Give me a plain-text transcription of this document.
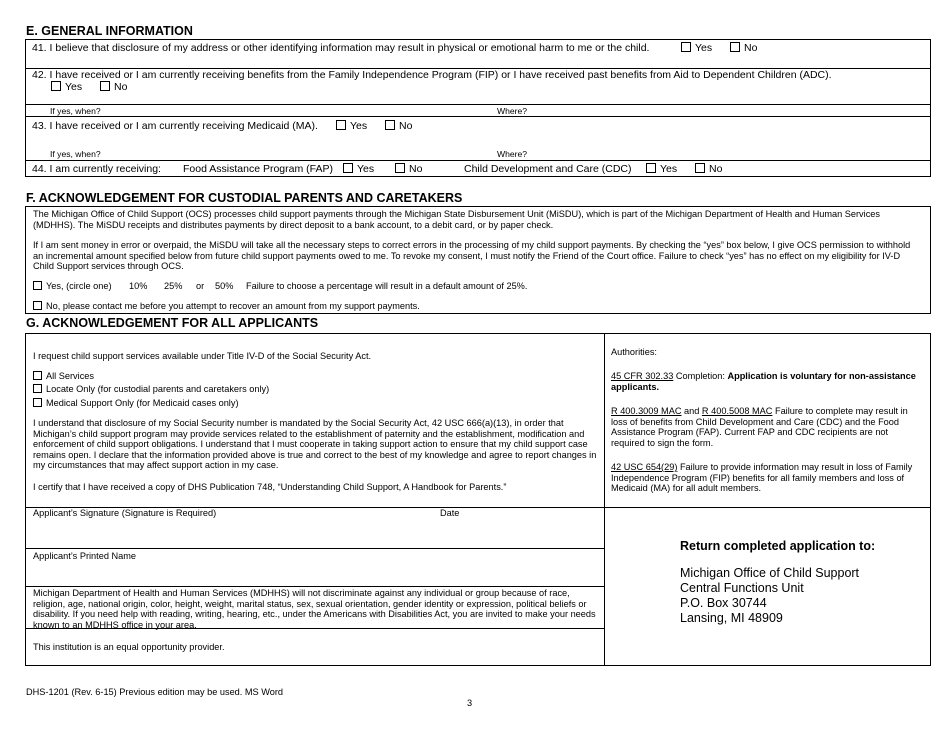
E. GENERAL INFORMATION
41. I believe that disclosure of my address or other identifying information may result in physical or emotional harm to me or the child.	Yes	No
42. I have received or I am currently receiving benefits from the Family Independence Program (FIP) or I have received past benefits from Aid to Dependent Children (ADC).
Yes	No
If yes, when?	Where?
43. I have received or I am currently receiving Medicaid (MA).	Yes	No
If yes, when?	Where?
44. I am currently receiving: Food Assistance Program (FAP)	Yes	No	Child Development and Care (CDC)	Yes	No
F. ACKNOWLEDGEMENT FOR CUSTODIAL PARENTS AND CARETAKERS
The Michigan Office of Child Support (OCS) processes child support payments through the Michigan State Disbursement Unit (MiSDU), which is part of the Michigan Department of Health and Human Services (MDHHS). The MiSDU receipts and distributes payments by direct deposit to a bank account, to a debit card, or by paper check.
If I am sent money in error or overpaid, the MiSDU will take all the necessary steps to correct errors in the processing of my child support payments. By checking the “yes” box below, I give OCS permission to withhold an incremental amount specified below from future child support payments owed to me. To revoke my consent, I must notify the Friend of the Court office. Failure to check “yes” has no effect on my eligibility for IV-D Child Support services through OCS.
Yes, (circle one) 10% 25% or 50% Failure to choose a percentage will result in a default amount of 25%.
No, please contact me before you attempt to recover an amount from my support payments.
G. ACKNOWLEDGEMENT FOR ALL APPLICANTS
I request child support services available under Title IV-D of the Social Security Act.
All Services
Locate Only (for custodial parents and caretakers only)
Medical Support Only (for Medicaid cases only)
I understand that disclosure of my Social Security number is mandated by the Social Security Act, 42 USC 666(a)(13), in order that Michigan’s child support program may provide services related to the establishment of paternity and the establishment, modification and enforcement of child support obligations. I understand that I must cooperate in taking support action to ensure that my child support case remains open. I declare that the information provided above is true and correct to the best of my knowledge and agree to report changes in my circumstances that may affect support action in my case.
I certify that I have received a copy of DHS Publication 748, “Understanding Child Support, A Handbook for Parents.”
Authorities:
45 CFR 302.33 Completion: Application is voluntary for non-assistance applicants.
R 400.3009 MAC and R 400.5008 MAC Failure to complete may result in loss of benefits from Child Development and Care (CDC) and the Food Assistance Program (FAP). Current FAP and CDC recipients are not required to sign the form.
42 USC 654(29) Failure to provide information may result in loss of Family Independence Program (FIP) benefits for all family members and loss of Medicaid (MA) for all adult members.
Applicant’s Signature (Signature is Required)	Date
Applicant’s Printed Name
Michigan Department of Health and Human Services (MDHHS) will not discriminate against any individual or group because of race, religion, age, national origin, color, height, weight, marital status, sex, sexual orientation, gender identity or expression, political beliefs or disability. If you need help with reading, writing, hearing, etc., under the Americans with Disabilities Act, you are invited to make your needs known to an MDHHS office in your area.
This institution is an equal opportunity provider.
Return completed application to:
Michigan Office of Child Support
Central Functions Unit
P.O. Box 30744
Lansing, MI 48909
DHS-1201 (Rev. 6-15) Previous edition may be used. MS Word
3
